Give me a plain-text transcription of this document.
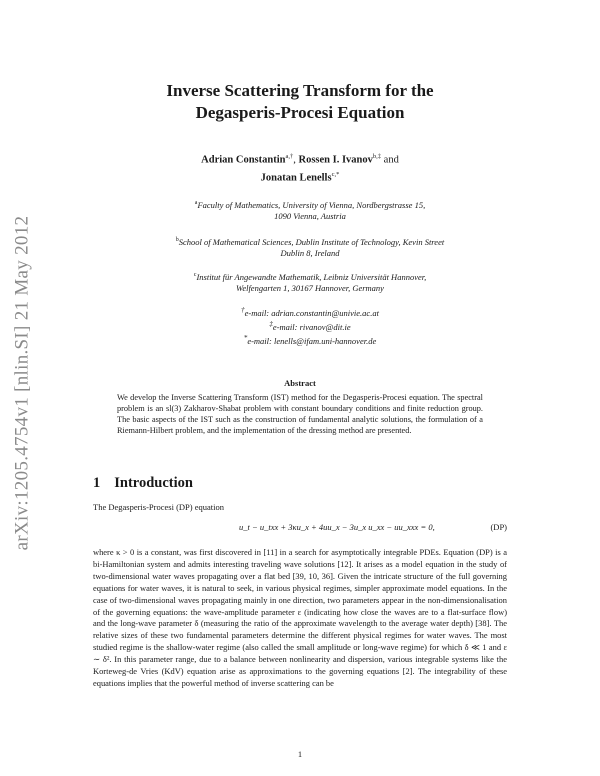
arXiv:1205.4754v1 [nlin.SI] 21 May 2012
Inverse Scattering Transform for the
Degasperis-Procesi Equation
Adrian Constantin$^{a,\dagger}$, Rossen I. Ivanov$^{b,\ddagger}$ and
Jonatan Lenells$^{c,*}$
$^a$Faculty of Mathematics, University of Vienna, Nordbergstrasse 15,
1090 Vienna, Austria
$^b$School of Mathematical Sciences, Dublin Institute of Technology, Kevin Street
Dublin 8, Ireland
$^c$Institut für Angewandte Mathematik, Leibniz Universität Hannover,
Welfengarten 1, 30167 Hannover, Germany
†e-mail: adrian.constantin@univie.ac.at
‡e-mail: rivanov@dit.ie
*e-mail: lenells@ifam.uni-hannover.de
Abstract
We develop the Inverse Scattering Transform (IST) method for the Degasperis-Procesi equation. The spectral problem is an sl(3) Zakharov-Shabat problem with constant boundary conditions and finite reduction group. The basic aspects of the IST such as the construction of fundamental analytic solutions, the formulation of a Riemann-Hilbert problem, and the implementation of the dressing method are presented.
1 Introduction
The Degasperis-Procesi (DP) equation
u_t − u_txx + 3κu_x + 4uu_x − 3u_x u_xx − uu_xxx = 0,	(DP)
where κ > 0 is a constant, was first discovered in [11] in a search for asymptotically integrable PDEs. Equation (DP) is a bi-Hamiltonian system and admits interesting traveling wave solutions [12]. It arises as a model equation in the study of two-dimensional water waves propagating over a flat bed [39, 10, 36]. Given the intricate structure of the full governing equations for water waves, it is natural to seek, in various physical regimes, simpler approximate model equations. In the case of two-dimensional waves propagating mainly in one direction, two parameters appear in the non-dimensionalisation of the governing equations: the wave-amplitude parameter ε (indicating how close the waves are to a flat-surface flow) and the long-wave parameter δ (measuring the ratio of the approximate wavelength to the average water depth) [38]. The relative sizes of these two fundamental parameters determine the different physical regimes for water waves. The most studied regime is the shallow-water regime (also called the small amplitude or long-wave regime) for which δ ≪ 1 and ε ∼ δ². In this parameter range, due to a balance between nonlinearity and dispersion, various integrable systems like the Korteweg-de Vries (KdV) equation arise as approximations to the governing equations [2]. The integrability of these equations implies that the powerful method of inverse scattering can be
1
